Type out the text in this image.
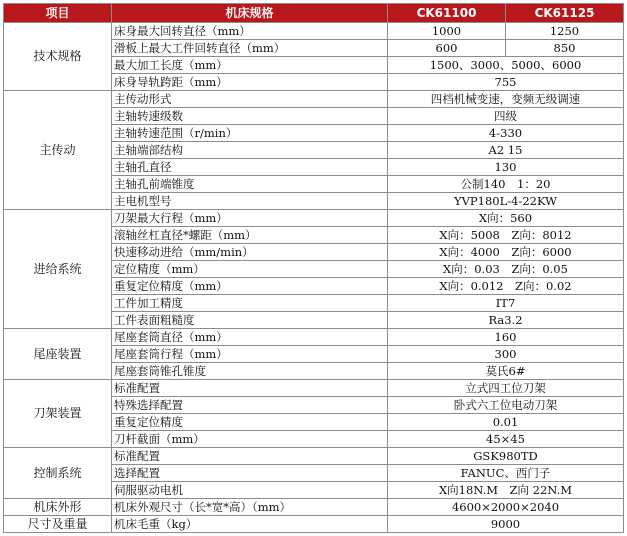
项目	机床规格	CK61100	CK61125
技术规格	床身最大回转直径（mm）	1000	1250
	滑板上最大工件回转直径（mm）	600	850
	最大加工长度（mm）	1500、3000、5000、6000	
	床身导轨跨距（mm）	755	
主传动	主传动形式	四档机械变速，变频无级调速	
	主轴转速级数	四级	
	主轴转速范围（r/min）	4-330	
	主轴端部结构	A2 15	
	主轴孔直径	130	
	主轴孔前端锥度	公制140　1：20	
	主电机型号	YVP180L-4-22KW	
进给系统	刀架最大行程（mm）	X向：560	
	滚轴丝杠直径*螺距（mm）	X向：5008　Z向：8012	
	快速移动进给（mm/min）	X向：4000　Z向：6000	
	定位精度（mm）	X向：0.03　Z向：0.05	
	重复定位精度（mm）	X向：0.012　Z向：0.02	
	工件加工精度	IT7	
	工件表面粗糙度	Ra3.2	
尾座装置	尾座套筒直径（mm）	160	
	尾座套筒行程（mm）	300	
	尾座套筒锥孔锥度	莫氏6#	
刀架装置	标准配置	立式四工位刀架	
	特殊选择配置	卧式六工位电动刀架	
	重复定位精度	0.01	
	刀杆截面（mm）	45×45	
控制系统	标准配置	GSK980TD	
	选择配置	FANUC、西门子	
	伺服驱动电机	X向18N.M　Z向 22N.M	
机床外形	机床外观尺寸（长*宽*高）（mm）	4600×2000×2040	
尺寸及重量	机床毛重（kg）	9000	
